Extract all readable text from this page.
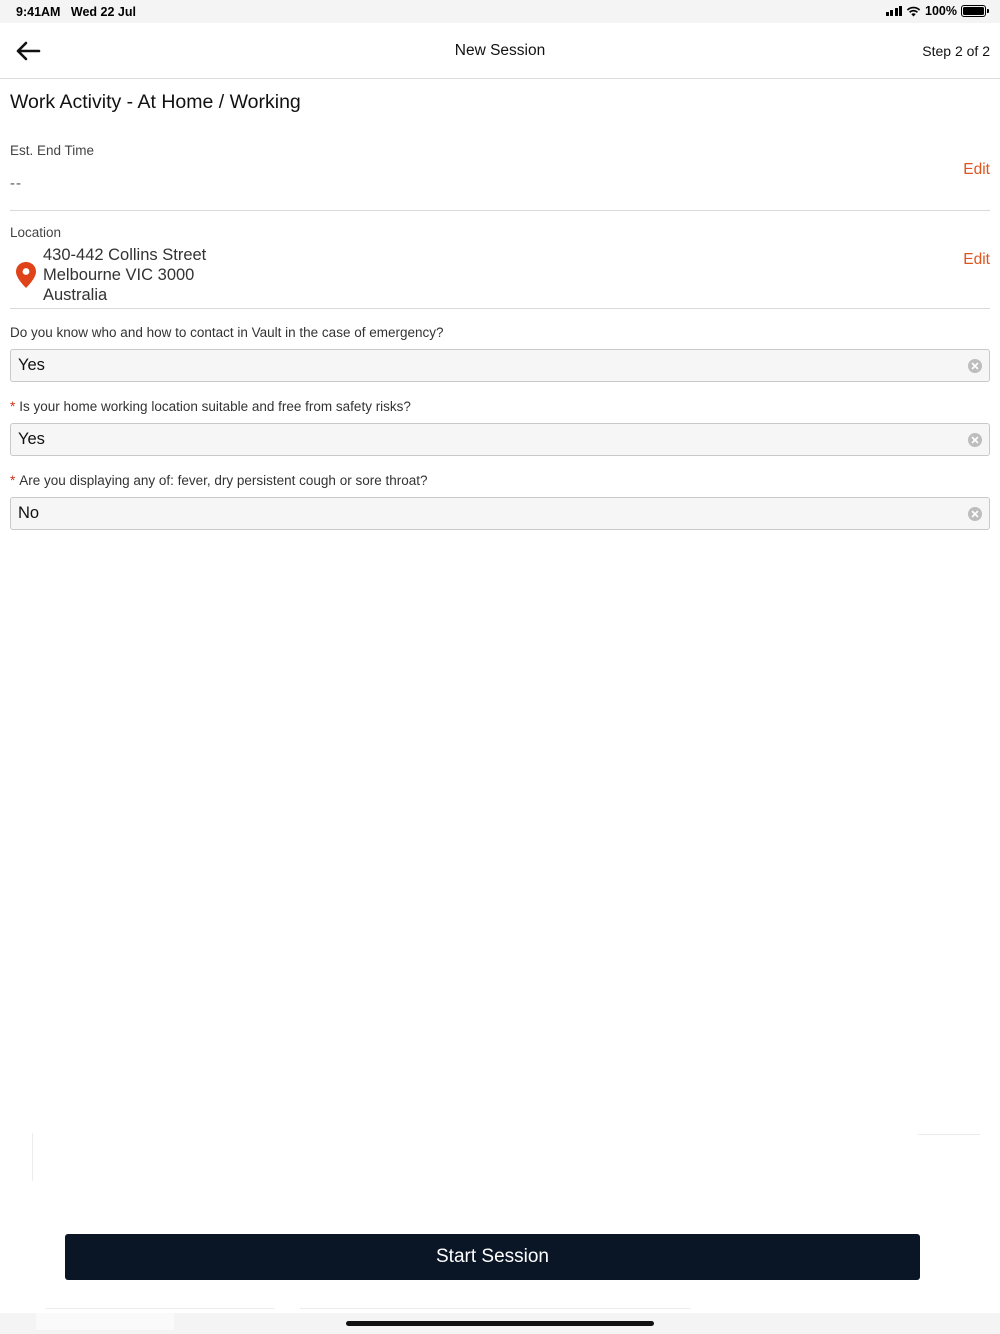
9:41AM Wed 22 Jul	100%
New Session	Step 2 of 2
Work Activity - At Home / Working
Est. End Time
--
Edit
Location
430-442 Collins Street
Melbourne VIC 3000
Australia
Edit
Do you know who and how to contact in Vault in the case of emergency?
Yes
* Is your home working location suitable and free from safety risks?
Yes
* Are you displaying any of: fever, dry persistent cough or sore throat?
No
Start Session
